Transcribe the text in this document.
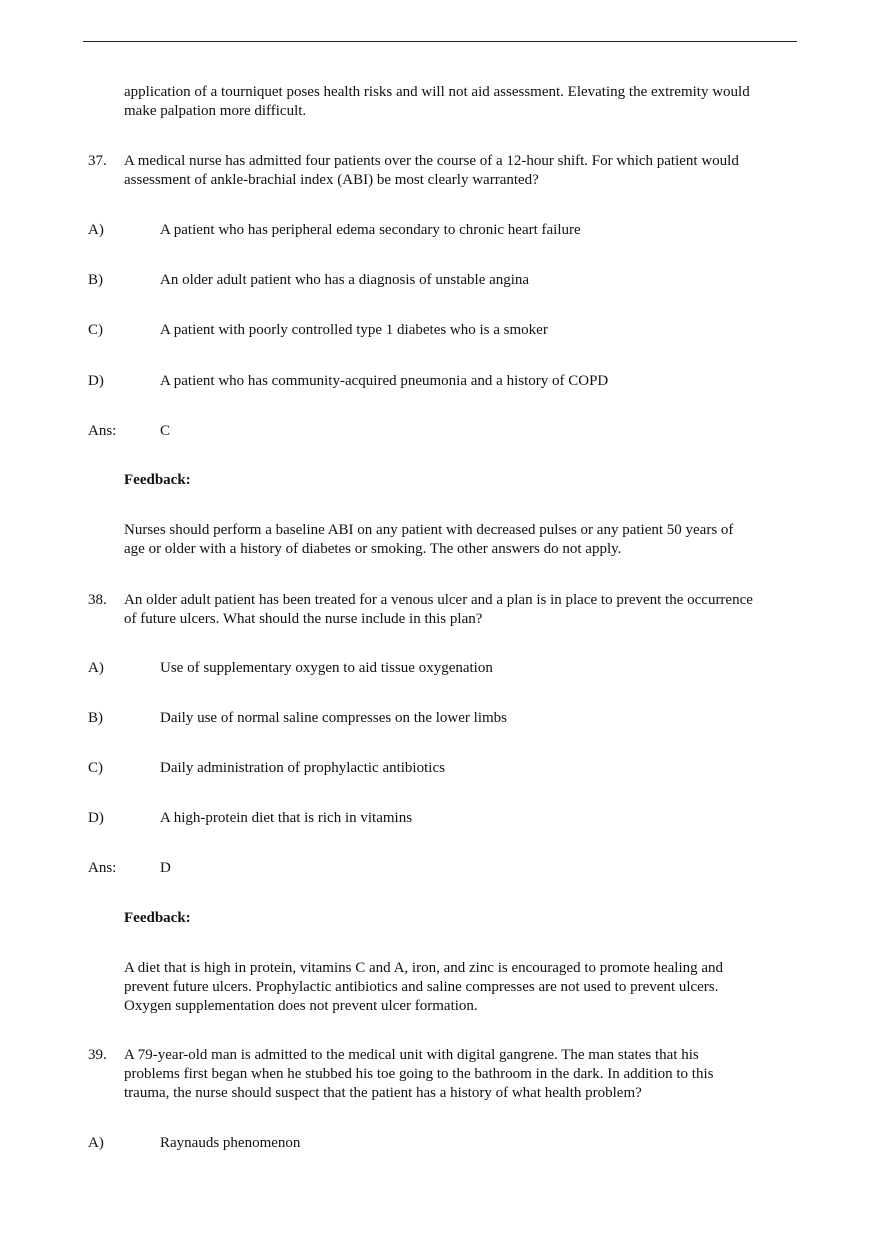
application of a tourniquet poses health risks and will not aid assessment. Elevating the extremity would
make palpation more difficult.
37. A medical nurse has admitted four patients over the course of a 12-hour shift. For which patient would
assessment of ankle-brachial index (ABI) be most clearly warranted?
A)	A patient who has peripheral edema secondary to chronic heart failure
B)	An older adult patient who has a diagnosis of unstable angina
C)	A patient with poorly controlled type 1 diabetes who is a smoker
D)	A patient who has community-acquired pneumonia and a history of COPD
Ans:	C
Feedback:
Nurses should perform a baseline ABI on any patient with decreased pulses or any patient 50 years of
age or older with a history of diabetes or smoking. The other answers do not apply.
38. An older adult patient has been treated for a venous ulcer and a plan is in place to prevent the occurrence
of future ulcers. What should the nurse include in this plan?
A)	Use of supplementary oxygen to aid tissue oxygenation
B)	Daily use of normal saline compresses on the lower limbs
C)	Daily administration of prophylactic antibiotics
D)	A high-protein diet that is rich in vitamins
Ans:	D
Feedback:
A diet that is high in protein, vitamins C and A, iron, and zinc is encouraged to promote healing and
prevent future ulcers. Prophylactic antibiotics and saline compresses are not used to prevent ulcers.
Oxygen supplementation does not prevent ulcer formation.
39. A 79-year-old man is admitted to the medical unit with digital gangrene. The man states that his
problems first began when he stubbed his toe going to the bathroom in the dark. In addition to this
trauma, the nurse should suspect that the patient has a history of what health problem?
A)	Raynauds phenomenon
